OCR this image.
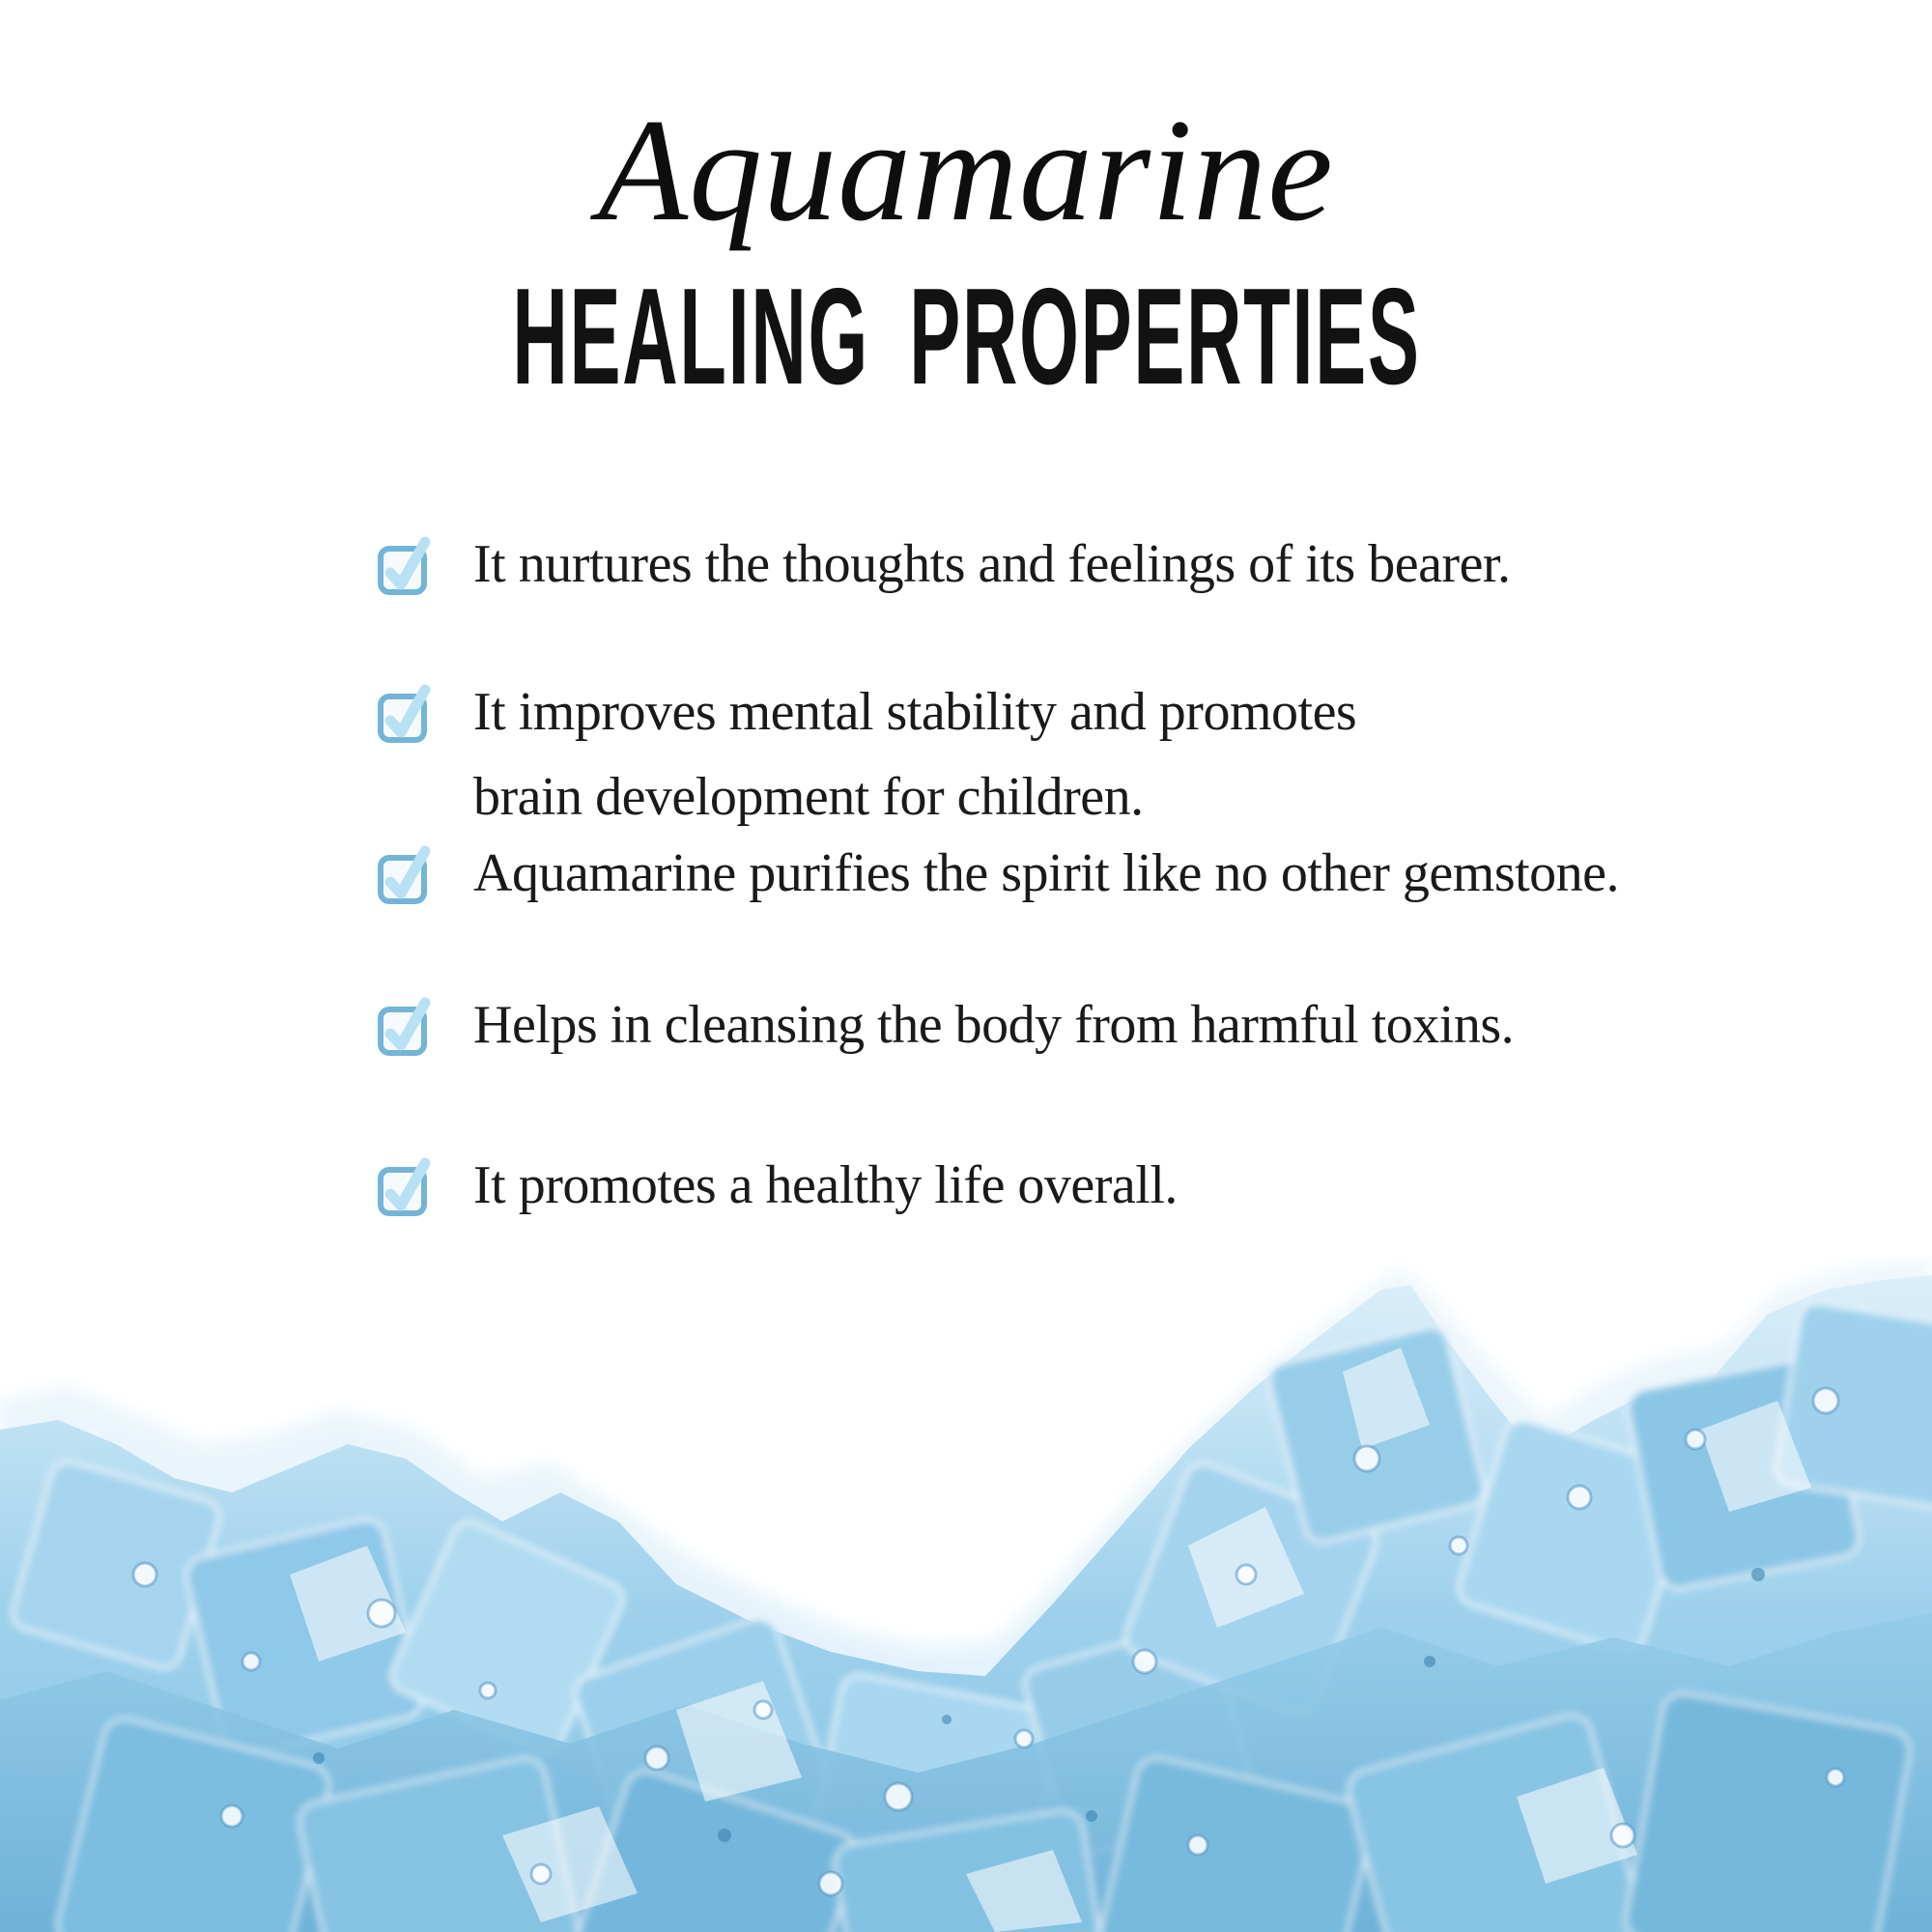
Aquamarine
HEALING PROPERTIES
It nurtures the thoughts and feelings of its bearer.
It improves mental stability and promotes
brain development for children.
Aquamarine purifies the spirit like no other gemstone.
Helps in cleansing the body from harmful toxins.
It promotes a healthy life overall.
